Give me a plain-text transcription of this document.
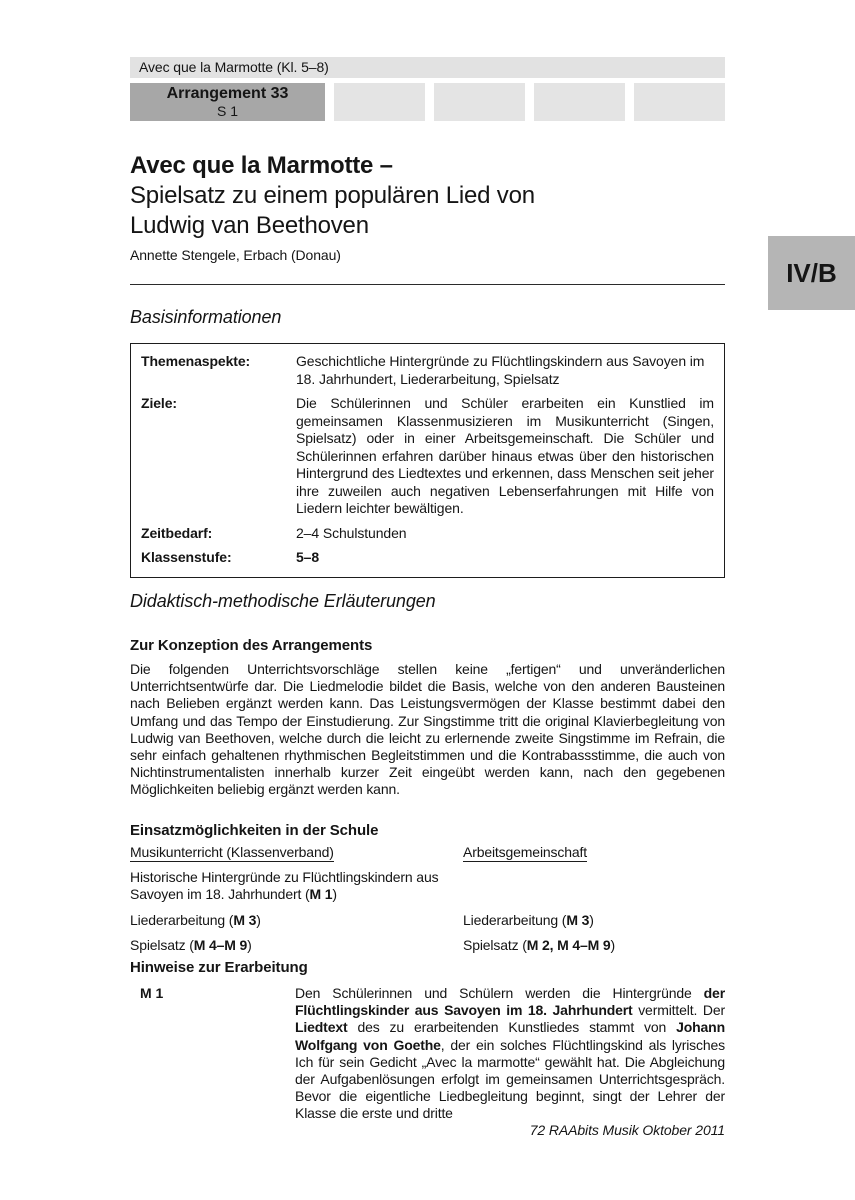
Avec que la Marmotte (Kl. 5–8)
Arrangement 33
S 1
IV/B
Avec que la Marmotte –
Spielsatz zu einem populären Lied von
Ludwig van Beethoven
Annette Stengele, Erbach (Donau)
Basisinformationen
Themenaspekte:	Geschichtliche Hintergründe zu Flüchtlingskindern aus Savoyen im 18. Jahrhundert, Liederarbeitung, Spielsatz
Ziele:	Die Schülerinnen und Schüler erarbeiten ein Kunstlied im gemeinsamen Klassenmusizieren im Musikunterricht (Singen, Spielsatz) oder in einer Arbeitsgemeinschaft. Die Schüler und Schülerinnen erfahren darüber hinaus etwas über den historischen Hintergrund des Liedtextes und erkennen, dass Menschen seit jeher ihre zuweilen auch negativen Lebenserfahrungen mit Hilfe von Liedern leichter bewältigen.
Zeitbedarf:	2–4 Schulstunden
Klassenstufe:	5–8
Didaktisch-methodische Erläuterungen
Zur Konzeption des Arrangements
Die folgenden Unterrichtsvorschläge stellen keine „fertigen“ und unveränderlichen Unterrichtsentwürfe dar. Die Liedmelodie bildet die Basis, welche von den anderen Bausteinen nach Belieben ergänzt werden kann. Das Leistungsvermögen der Klasse bestimmt dabei den Umfang und das Tempo der Einstudierung. Zur Singstimme tritt die original Klavierbegleitung von Ludwig van Beethoven, welche durch die leicht zu erlernende zweite Singstimme im Refrain, die sehr einfach gehaltenen rhythmischen Begleitstimmen und die Kontrabassstimme, die auch von Nichtinstrumentalisten innerhalb kurzer Zeit eingeübt werden kann, nach den gegebenen Möglichkeiten beliebig ergänzt werden kann.
Einsatzmöglichkeiten in der Schule
Musikunterricht (Klassenverband)	Arbeitsgemeinschaft
Historische Hintergründe zu Flüchtlingskindern aus Savoyen im 18. Jahrhundert (M 1)
Liederarbeitung (M 3)	Liederarbeitung (M 3)
Spielsatz (M 4–M 9)	Spielsatz (M 2, M 4–M 9)
Hinweise zur Erarbeitung
M 1	Den Schülerinnen und Schülern werden die Hintergründe der Flüchtlingskinder aus Savoyen im 18. Jahrhundert vermittelt. Der Liedtext des zu erarbeitenden Kunstliedes stammt von Johann Wolfgang von Goethe, der ein solches Flüchtlingskind als lyrisches Ich für sein Gedicht „Avec la marmotte“ gewählt hat. Die Abgleichung der Aufgabenlösungen erfolgt im gemeinsamen Unterrichtsgespräch. Bevor die eigentliche Liedbegleitung beginnt, singt der Lehrer der Klasse die erste und dritte
72 RAAbits Musik Oktober 2011
